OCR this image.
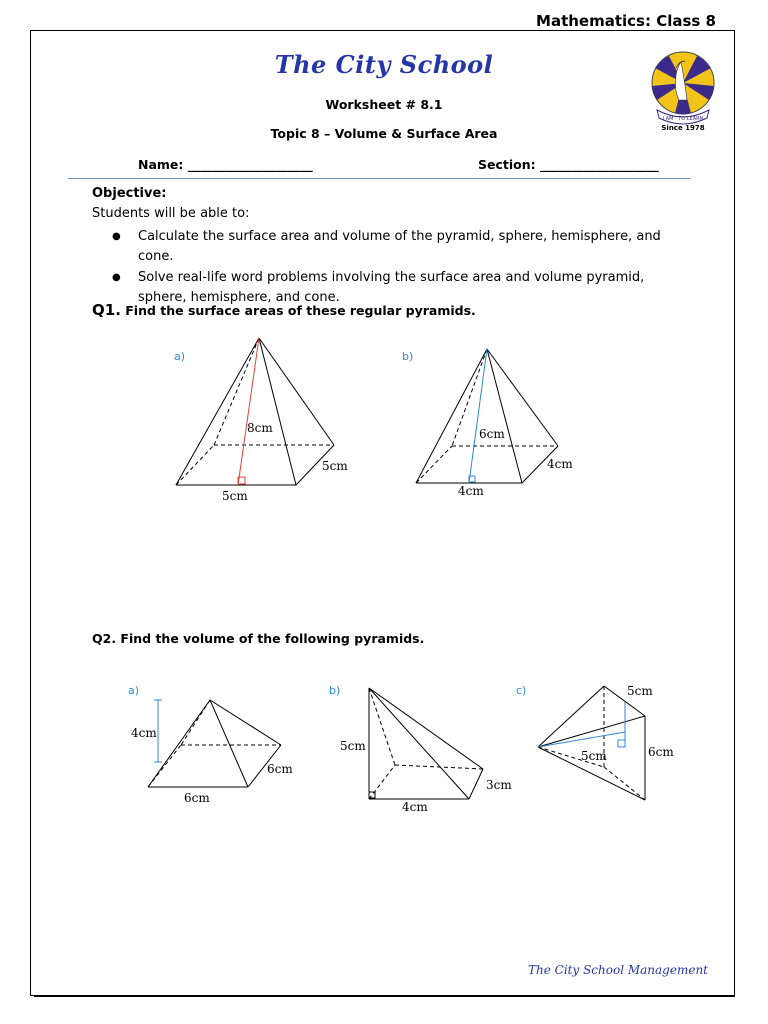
Mathematics: Class 8
The City School
I AM · TO LEARN
Since 1978
Worksheet # 8.1
Topic 8 – Volume & Surface Area
Name: ____________________	Section: ___________________
Objective:
Students will be able to:
● Calculate the surface area and volume of the pyramid, sphere, hemisphere, and cone.
● Solve real-life word problems involving the surface area and volume pyramid, sphere, hemisphere, and cone.
Q1. Find the surface areas of these regular pyramids.
Q2. Find the volume of the following pyramids.
a)
8cm
5cm
5cm
b)
6cm
4cm
4cm
a)
4cm
6cm
6cm
b)
5cm
3cm
4cm
c)	5cm
5cm	6cm
The City School Management
